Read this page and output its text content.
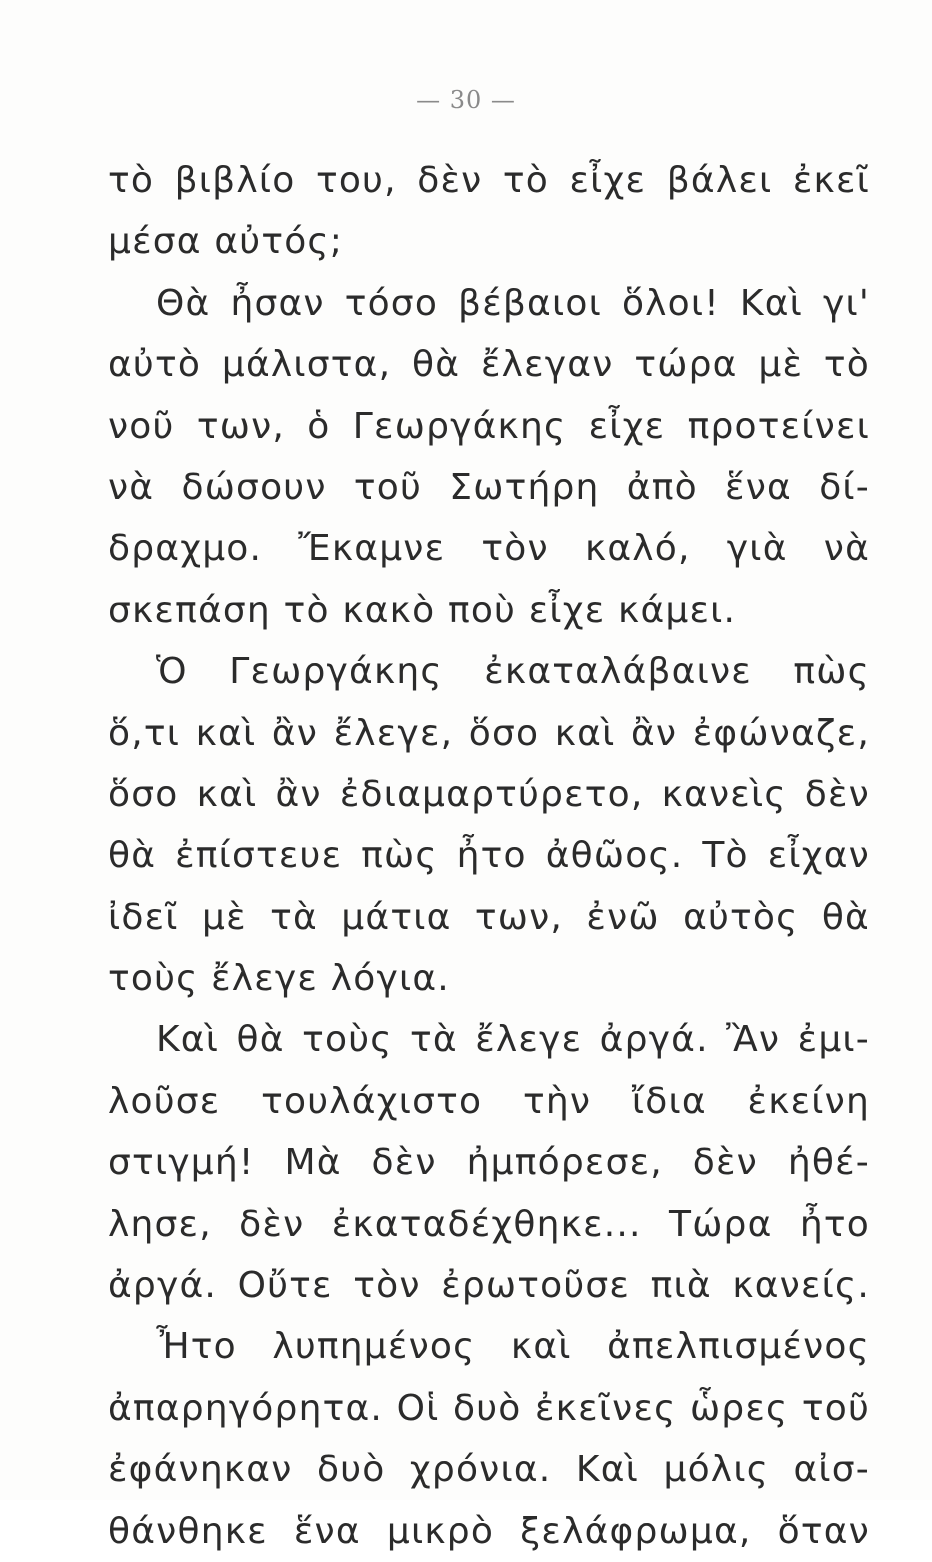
— 30 —
τὸ βιβλίο του, δὲν τὸ εἶχε βάλει ἐκεῖ
μέσα αὐτός;
Θὰ ἦσαν τόσο βέβαιοι ὅλοι! Καὶ γι'
αὐτὸ μάλιστα, θὰ ἔλεγαν τώρα μὲ τὸ
νοῦ των, ὁ Γεωργάκης εἶχε προτείνει
νὰ δώσουν τοῦ Σωτήρη ἀπὸ ἕνα δί-
δραχμο. Ἔκαμνε τὸν καλό, γιὰ νὰ
σκεπάση τὸ κακὸ ποὺ εἶχε κάμει.
Ὁ Γεωργάκης ἐκαταλάβαινε πὼς
ὅ,τι καὶ ἂν ἔλεγε, ὅσο καὶ ἂν ἐφώναζε,
ὅσο καὶ ἂν ἐδιαμαρτύρετο, κανεὶς δὲν
θὰ ἐπίστευε πὼς ἦτο ἀθῶος. Τὸ εἶχαν
ἰδεῖ μὲ τὰ μάτια των, ἐνῶ αὐτὸς θὰ
τοὺς ἔλεγε λόγια.
Καὶ θὰ τοὺς τὰ ἔλεγε ἀργά. Ἂν ἐμι-
λοῦσε τουλάχιστο τὴν ἴδια ἐκείνη
στιγμή! Μὰ δὲν ἠμπόρεσε, δὲν ἠθέ-
λησε, δὲν ἐκαταδέχθηκε... Τώρα ἦτο
ἀργά. Οὔτε τὸν ἐρωτοῦσε πιὰ κανείς.
Ἦτο λυπημένος καὶ ἀπελπισμένος
ἀπαρηγόρητα. Οἱ δυὸ ἐκεῖνες ὧρες τοῦ
ἐφάνηκαν δυὸ χρόνια. Καὶ μόλις αἰσ-
θάνθηκε ἕνα μικρὸ ξελάφρωμα, ὅταν
